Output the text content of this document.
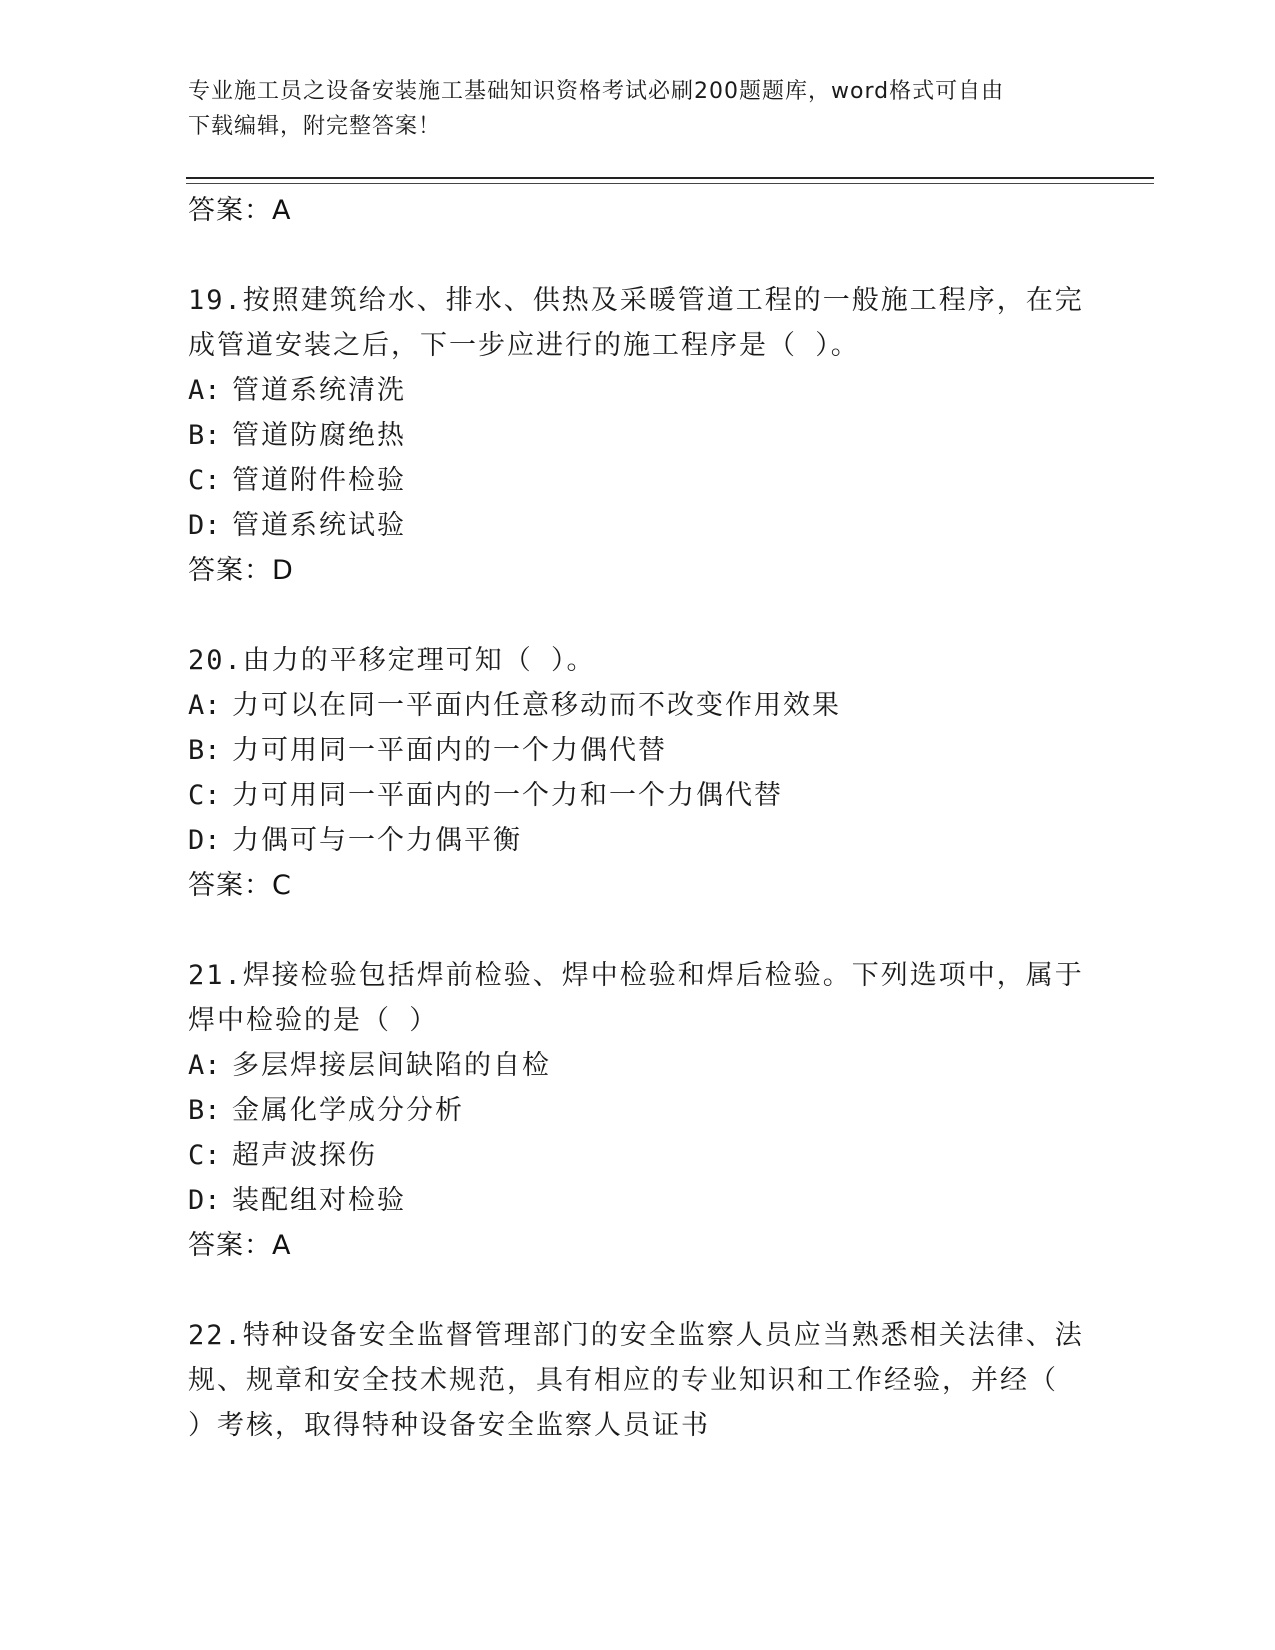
专业施工员之设备安装施工基础知识资格考试必刷200题题库，word格式可自由
下载编辑，附完整答案！
答案：A
19.按照建筑给水、排水、供热及采暖管道工程的一般施工程序，在完
成管道安装之后，下一步应进行的施工程序是（ ）。
A: 管道系统清洗
B: 管道防腐绝热
C: 管道附件检验
D: 管道系统试验
答案：D
20.由力的平移定理可知（ ）。
A: 力可以在同一平面内任意移动而不改变作用效果
B: 力可用同一平面内的一个力偶代替
C: 力可用同一平面内的一个力和一个力偶代替
D: 力偶可与一个力偶平衡
答案：C
21.焊接检验包括焊前检验、焊中检验和焊后检验。下列选项中，属于
焊中检验的是（ ）
A: 多层焊接层间缺陷的自检
B: 金属化学成分分析
C: 超声波探伤
D: 装配组对检验
答案：A
22.特种设备安全监督管理部门的安全监察人员应当熟悉相关法律、法
规、规章和安全技术规范，具有相应的专业知识和工作经验，并经（
）考核，取得特种设备安全监察人员证书
